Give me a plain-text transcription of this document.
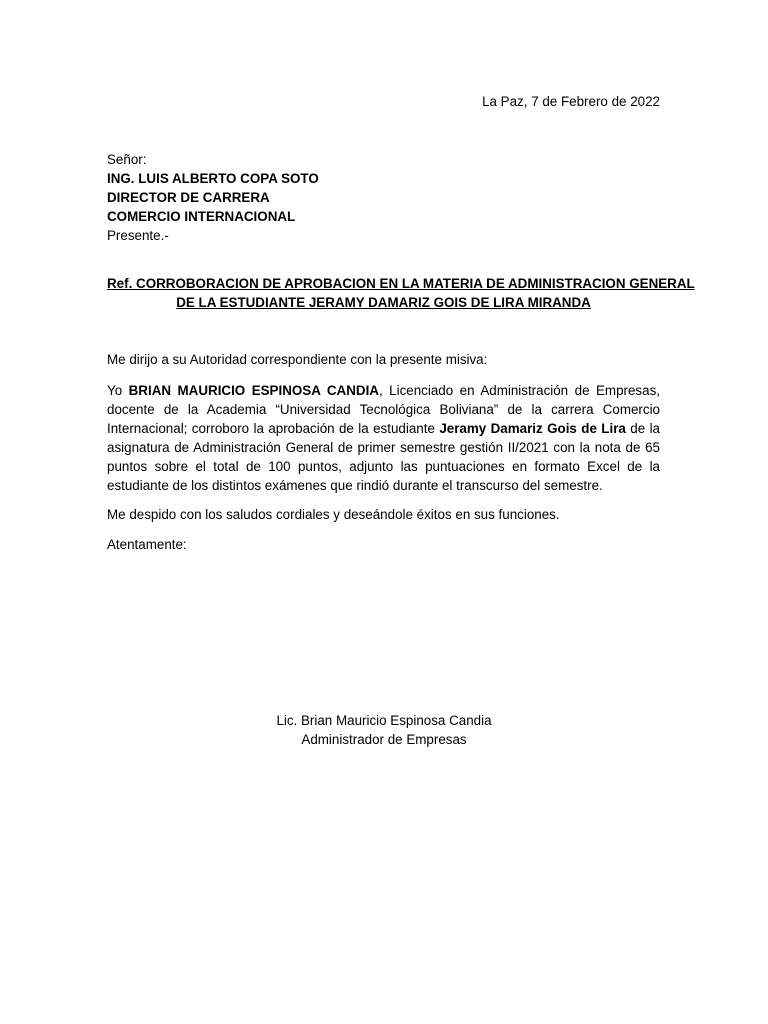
La Paz, 7 de Febrero de 2022
Señor:
ING. LUIS ALBERTO COPA SOTO
DIRECTOR DE CARRERA
COMERCIO INTERNACIONAL
Presente.-
Ref. CORROBORACION DE APROBACION EN LA MATERIA DE ADMINISTRACION GENERAL
DE LA ESTUDIANTE JERAMY DAMARIZ GOIS DE LIRA MIRANDA
Me dirijo a su Autoridad correspondiente con la presente misiva:
Yo BRIAN MAURICIO ESPINOSA CANDIA, Licenciado en Administración de Empresas, docente de la Academia “Universidad Tecnológica Boliviana” de la carrera Comercio Internacional; corroboro la aprobación de la estudiante Jeramy Damariz Gois de Lira de la asignatura de Administración General de primer semestre gestión II/2021 con la nota de 65 puntos sobre el total de 100 puntos, adjunto las puntuaciones en formato Excel de la estudiante de los distintos exámenes que rindió durante el transcurso del semestre.
Me despido con los saludos cordiales y deseándole éxitos en sus funciones.
Atentamente:
Lic. Brian Mauricio Espinosa Candia
Administrador de Empresas
